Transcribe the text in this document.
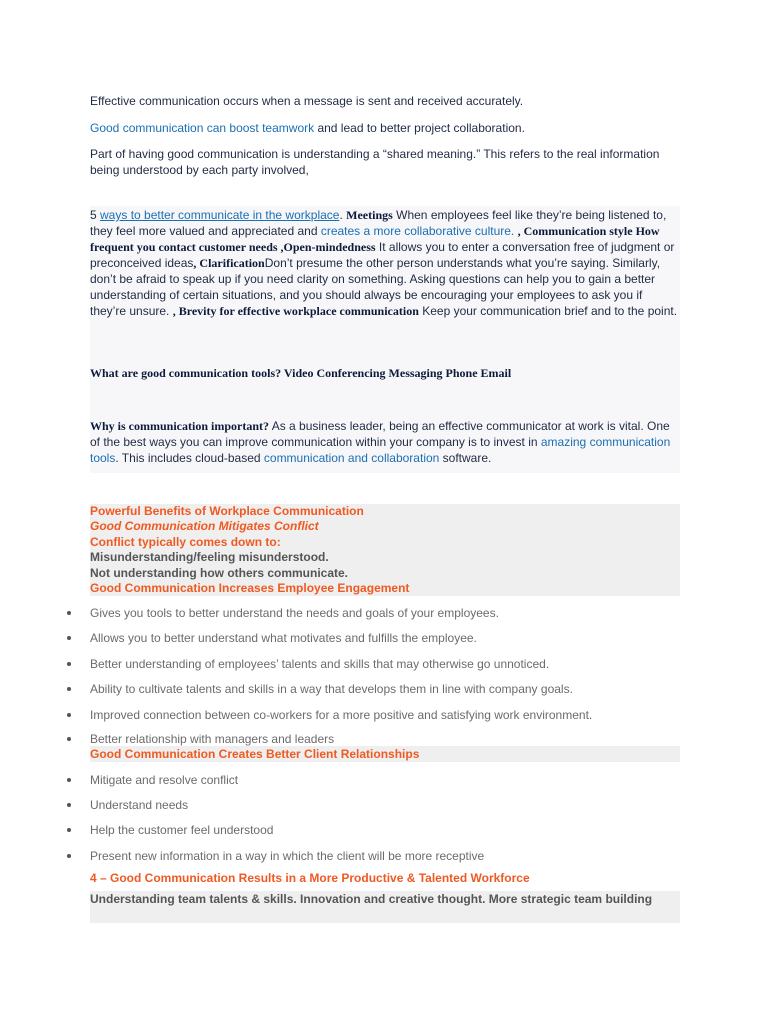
Effective communication occurs when a message is sent and received accurately.
Good communication can boost teamwork and lead to better project collaboration.
Part of having good communication is understanding a “shared meaning.” This refers to the real information being understood by each party involved,
5 ways to better communicate in the workplace. Meetings When employees feel like they’re being listened to, they feel more valued and appreciated and creates a more collaborative culture. , Communication style How frequent you contact customer needs ,Open-mindedness It allows you to enter a conversation free of judgment or preconceived ideas, ClarificationDon’t presume the other person understands what you’re saying. Similarly, don’t be afraid to speak up if you need clarity on something. Asking questions can help you to gain a better understanding of certain situations, and you should always be encouraging your employees to ask you if they’re unsure. , Brevity for effective workplace communication Keep your communication brief and to the point.
What are good communication tools? Video Conferencing Messaging Phone Email
Why is communication important? As a business leader, being an effective communicator at work is vital. One of the best ways you can improve communication within your company is to invest in amazing communication tools. This includes cloud-based communication and collaboration software.
Powerful Benefits of Workplace Communication
Good Communication Mitigates Conflict
Conflict typically comes down to:
Misunderstanding/feeling misunderstood.
Not understanding how others communicate.
Good Communication Increases Employee Engagement
Gives you tools to better understand the needs and goals of your employees.
Allows you to better understand what motivates and fulfills the employee.
Better understanding of employees’ talents and skills that may otherwise go unnoticed.
Ability to cultivate talents and skills in a way that develops them in line with company goals.
Improved connection between co-workers for a more positive and satisfying work environment.
Better relationship with managers and leaders
Good Communication Creates Better Client Relationships
Mitigate and resolve conflict
Understand needs
Help the customer feel understood
Present new information in a way in which the client will be more receptive
4 – Good Communication Results in a More Productive & Talented Workforce
Understanding team talents & skills. Innovation and creative thought. More strategic team building
